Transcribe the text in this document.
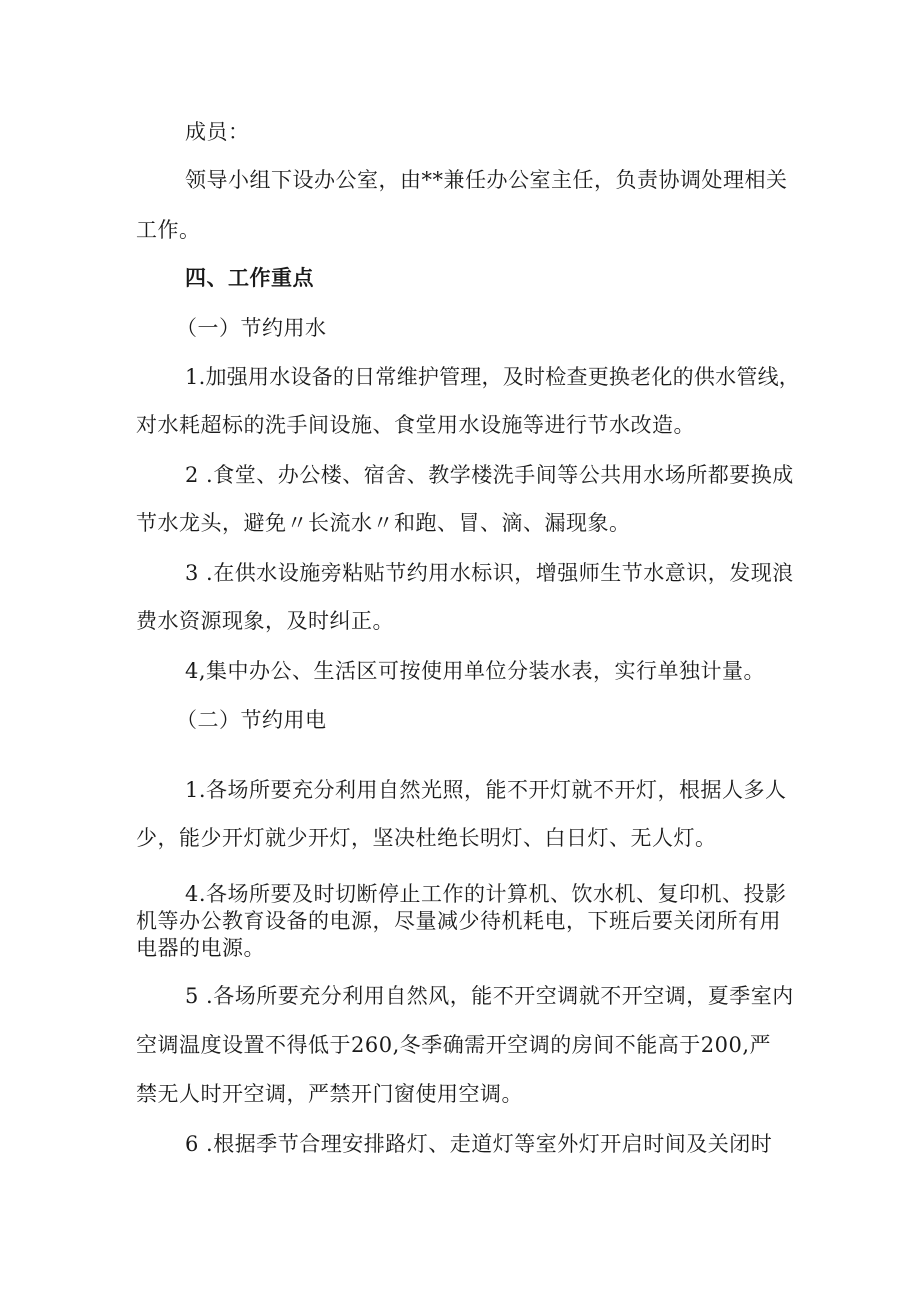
成员：
领导小组下设办公室，由**兼任办公室主任，负责协调处理相关
工作。
四、工作重点
（一）节约用水
1.加强用水设备的日常维护管理，及时检查更换老化的供水管线，
对水耗超标的洗手间设施、食堂用水设施等进行节水改造。
2 .食堂、办公楼、宿舍、教学楼洗手间等公共用水场所都要换成
节水龙头，避免〃长流水〃和跑、冒、滴、漏现象。
3 .在供水设施旁粘贴节约用水标识，增强师生节水意识，发现浪
费水资源现象，及时纠正。
4,集中办公、生活区可按使用单位分装水表，实行单独计量。
（二）节约用电
1.各场所要充分利用自然光照，能不开灯就不开灯，根据人多人
少，能少开灯就少开灯，坚决杜绝长明灯、白日灯、无人灯。
4.各场所要及时切断停止工作的计算机、饮水机、复印机、投影
机等办公教育设备的电源，尽量减少待机耗电，下班后要关闭所有用
电器的电源。
5 .各场所要充分利用自然风，能不开空调就不开空调，夏季室内
空调温度设置不得低于260,冬季确需开空调的房间不能高于200,严
禁无人时开空调，严禁开门窗使用空调。
6 .根据季节合理安排路灯、走道灯等室外灯开启时间及关闭时
